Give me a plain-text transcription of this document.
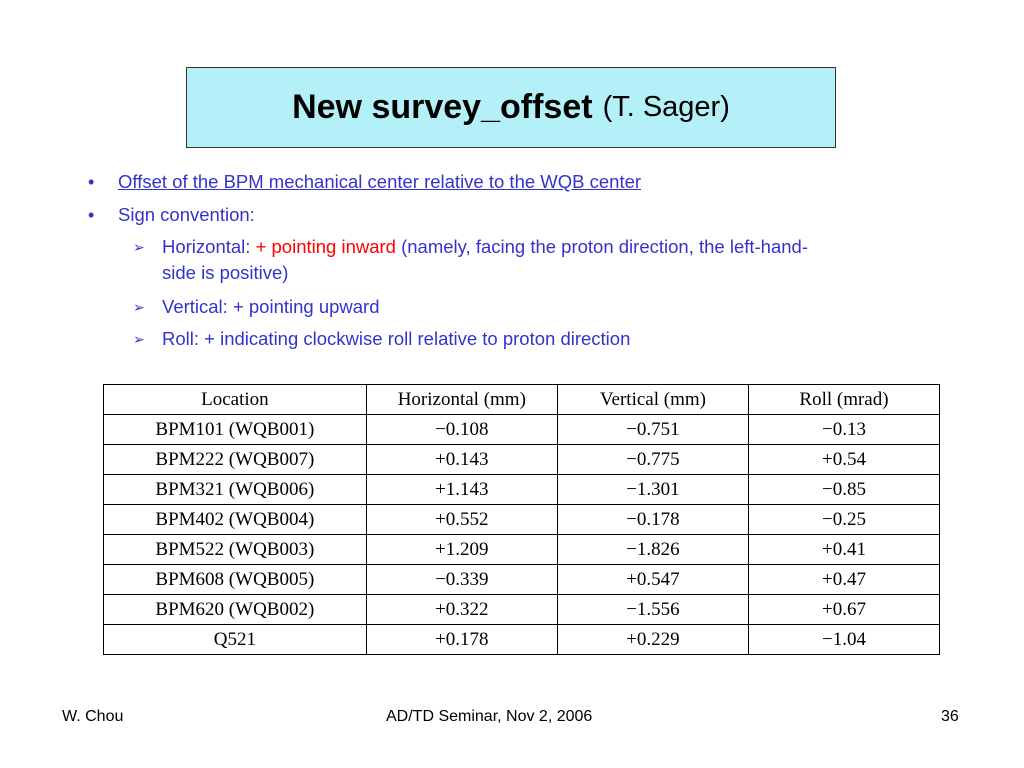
New survey_offset (T. Sager)
• Offset of the BPM mechanical center relative to the WQB center
• Sign convention:
➢ Horizontal: + pointing inward (namely, facing the proton direction, the left-hand-
side is positive)
➢ Vertical: + pointing upward
➢ Roll: + indicating clockwise roll relative to proton direction
Location	Horizontal (mm)	Vertical (mm)	Roll (mrad)
BPM101 (WQB001)	−0.108	−0.751	−0.13
BPM222 (WQB007)	+0.143	−0.775	+0.54
BPM321 (WQB006)	+1.143	−1.301	−0.85
BPM402 (WQB004)	+0.552	−0.178	−0.25
BPM522 (WQB003)	+1.209	−1.826	+0.41
BPM608 (WQB005)	−0.339	+0.547	+0.47
BPM620 (WQB002)	+0.322	−1.556	+0.67
Q521	+0.178	+0.229	−1.04
W. Chou	AD/TD Seminar, Nov 2, 2006	36
